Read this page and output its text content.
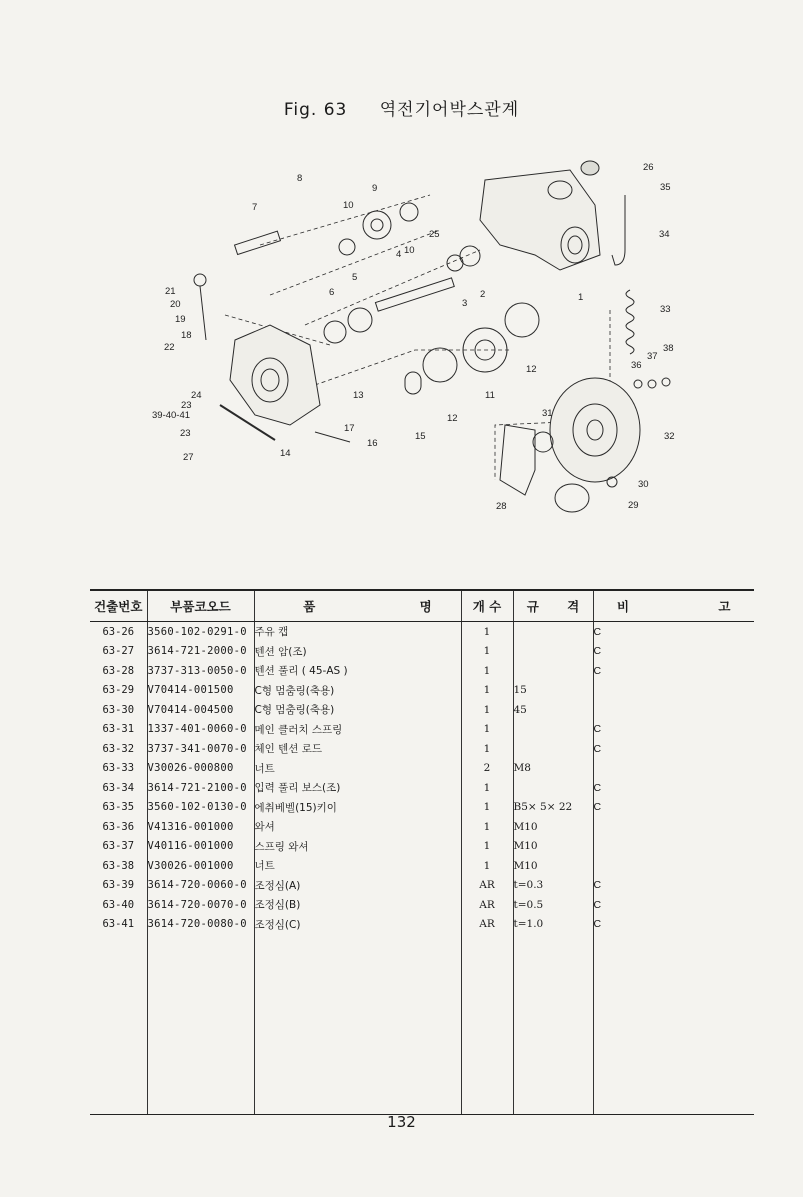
Fig. 63 역전기어박스관계
26
35
34
33
1
2
3
4
5
6
7
8
9
10
10
11
12
12
13
14
15
16
17
18
19
20
21
22
23
23
24
27
28	29
30
31
32
25
36
37
38
39-40-41
건출번호	부품코오드	품 명	개 수	규 격	비 고
63-26	3560-102-0291-0	주유 캡	1		C
63-27	3614-721-2000-0	텐션 암(조)	1		C
63-28	3737-313-0050-0	텐션 풀리 ( 45-AS )	1		C
63-29	V70414-001500	C형 멈춤링(축용)	1	15	
63-30	V70414-004500	C형 멈춤링(축용)	1	45	
63-31	1337-401-0060-0	메인 클러치 스프링	1		C
63-32	3737-341-0070-0	체인 텐션 로드	1		C
63-33	V30026-000800	너트	2	M8	
63-34	3614-721-2100-0	입력 풀리 보스(조)	1		C
63-35	3560-102-0130-0	에취베벨(15)키이	1	B5× 5× 22	C
63-36	V41316-001000	와셔	1	M10	
63-37	V40116-001000	스프링 와셔	1	M10	
63-38	V30026-001000	너트	1	M10	
63-39	3614-720-0060-0	조정심(A)	AR	t=0.3	C
63-40	3614-720-0070-0	조정심(B)	AR	t=0.5	C
63-41	3614-720-0080-0	조정심(C)	AR	t=1.0	C

132
